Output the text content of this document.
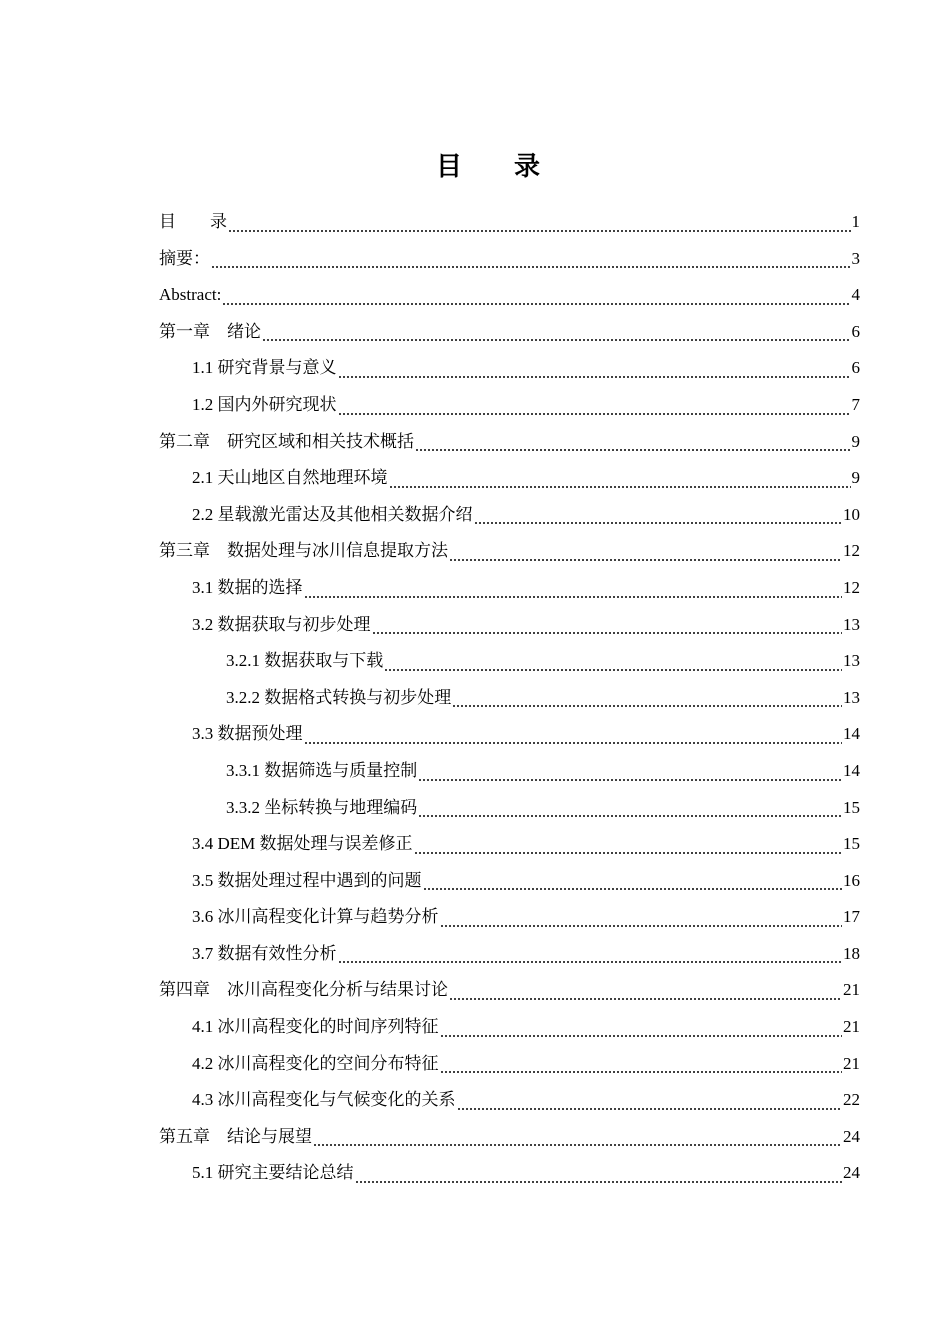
目 录
目　　录	1
摘要：	3
Abstract:	4
第一章　绪论	6
1.1 研究背景与意义	6
1.2 国内外研究现状	7
第二章　研究区域和相关技术概括	9
2.1 天山地区自然地理环境	9
2.2 星载激光雷达及其他相关数据介绍	10
第三章　数据处理与冰川信息提取方法	12
3.1 数据的选择	12
3.2 数据获取与初步处理	13
3.2.1 数据获取与下载	13
3.2.2 数据格式转换与初步处理	13
3.3 数据预处理	14
3.3.1 数据筛选与质量控制	14
3.3.2 坐标转换与地理编码	15
3.4 DEM 数据处理与误差修正	15
3.5 数据处理过程中遇到的问题	16
3.6 冰川高程变化计算与趋势分析	17
3.7 数据有效性分析	18
第四章　冰川高程变化分析与结果讨论	21
4.1 冰川高程变化的时间序列特征	21
4.2 冰川高程变化的空间分布特征	21
4.3 冰川高程变化与气候变化的关系	22
第五章　结论与展望	24
5.1 研究主要结论总结	24
